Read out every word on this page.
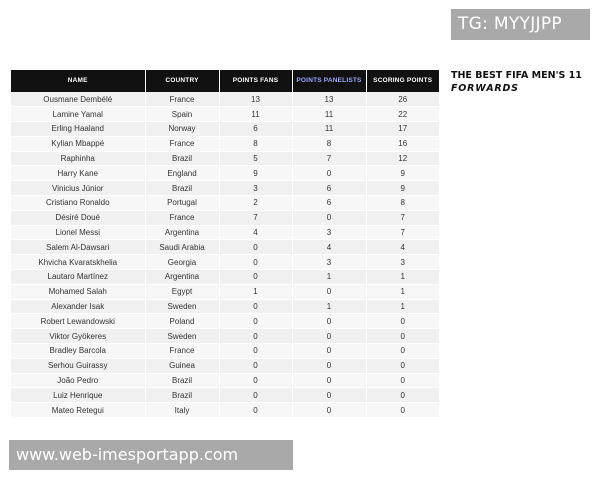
TG: MYYJJPP
NAME	COUNTRY	POINTS FANS	POINTS PANELISTS	SCORING POINTS
Ousmane Dembélé	France	13	13	26
Lamine Yamal	Spain	11	11	22
Erling Haaland	Norway	6	11	17
Kylian Mbappé	France	8	8	16
Raphinha	Brazil	5	7	12
Harry Kane	England	9	0	9
Vinicius Júnior	Brazil	3	6	9
Cristiano Ronaldo	Portugal	2	6	8
Désiré Doué	France	7	0	7
Lionel Messi	Argentina	4	3	7
Salem Al-Dawsari	Saudi Arabia	0	4	4
Khvicha Kvaratskhelia	Georgia	0	3	3
Lautaro Martínez	Argentina	0	1	1
Mohamed Salah	Egypt	1	0	1
Alexander Isak	Sweden	0	1	1
Robert Lewandowski	Poland	0	0	0
Viktor Gyökeres	Sweden	0	0	0
Bradley Barcola	France	0	0	0
Serhou Guirassy	Guinea	0	0	0
João Pedro	Brazil	0	0	0
Luiz Henrique	Brazil	0	0	0
Mateo Retegui	Italy	0	0	0
THE BEST FIFA MEN'S 11
FORWARDS
www.web-imesportapp.com
